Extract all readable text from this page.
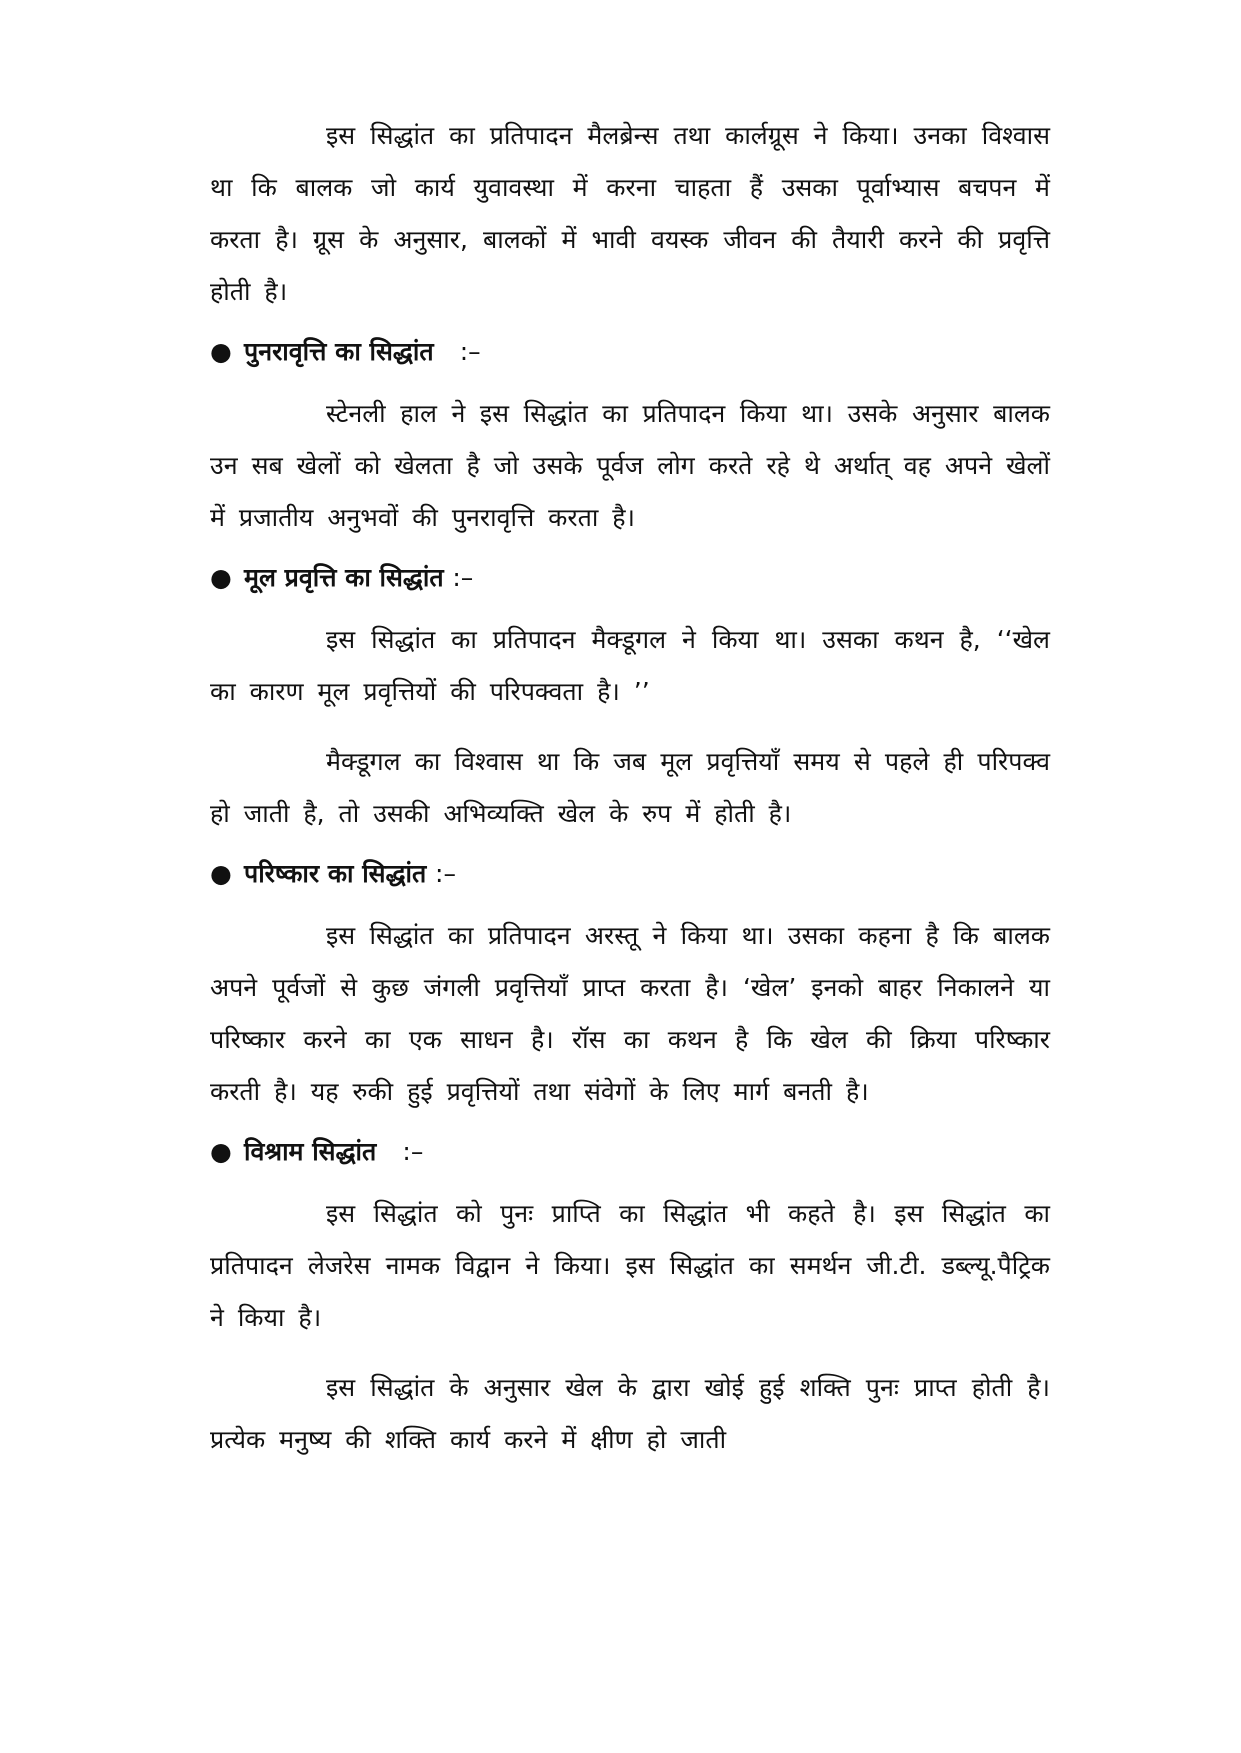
इस सिद्धांत का प्रतिपादन मैलब्रेन्स तथा कार्लग्रूस ने किया। उनका विश्वास था कि बालक जो कार्य युवावस्था में करना चाहता हैं उसका पूर्वाभ्यास बचपन में करता है। ग्रूस के अनुसार, बालकों में भावी वयस्क जीवन की तैयारी करने की प्रवृत्ति होती है।

● पुनरावृत्ति का सिद्धांत :–

स्टेनली हाल ने इस सिद्धांत का प्रतिपादन किया था। उसके अनुसार बालक उन सब खेलों को खेलता है जो उसके पूर्वज लोग करते रहे थे अर्थात् वह अपने खेलों में प्रजातीय अनुभवों की पुनरावृत्ति करता है।

● मूल प्रवृत्ति का सिद्धांत :–

इस सिद्धांत का प्रतिपादन मैक्डूगल ने किया था। उसका कथन है, ‘‘खेल का कारण मूल प्रवृत्तियों की परिपक्वता है। ’’

मैक्डूगल का विश्वास था कि जब मूल प्रवृत्तियॉं समय से पहले ही परिपक्व हो जाती है, तो उसकी अभिव्यक्ति खेल के रुप में होती है।

● परिष्कार का सिद्धांत :–

इस सिद्धांत का प्रतिपादन अरस्तू ने किया था। उसका कहना है कि बालक अपने पूर्वजों से कुछ जंगली प्रवृत्तियॉं प्राप्त करता है। ‘खेल’ इनको बाहर निकालने या परिष्कार करने का एक साधन है। रॉस का कथन है कि खेल की क्रिया परिष्कार करती है। यह रुकी हुई प्रवृत्तियों तथा संवेगों के लिए मार्ग बनती है।

● विश्राम सिद्धांत :–

इस सिद्धांत को पुनः प्राप्ति का सिद्धांत भी कहते है। इस सिद्धांत का प्रतिपादन लेजरेस नामक विद्वान ने किया। इस सिद्धांत का समर्थन जी.टी. डब्ल्यू.पैट्रिक ने किया है।

इस सिद्धांत के अनुसार खेल के द्वारा खोई हुई शक्ति पुनः प्राप्त होती है। प्रत्येक मनुष्य की शक्ति कार्य करने में क्षीण हो जाती
